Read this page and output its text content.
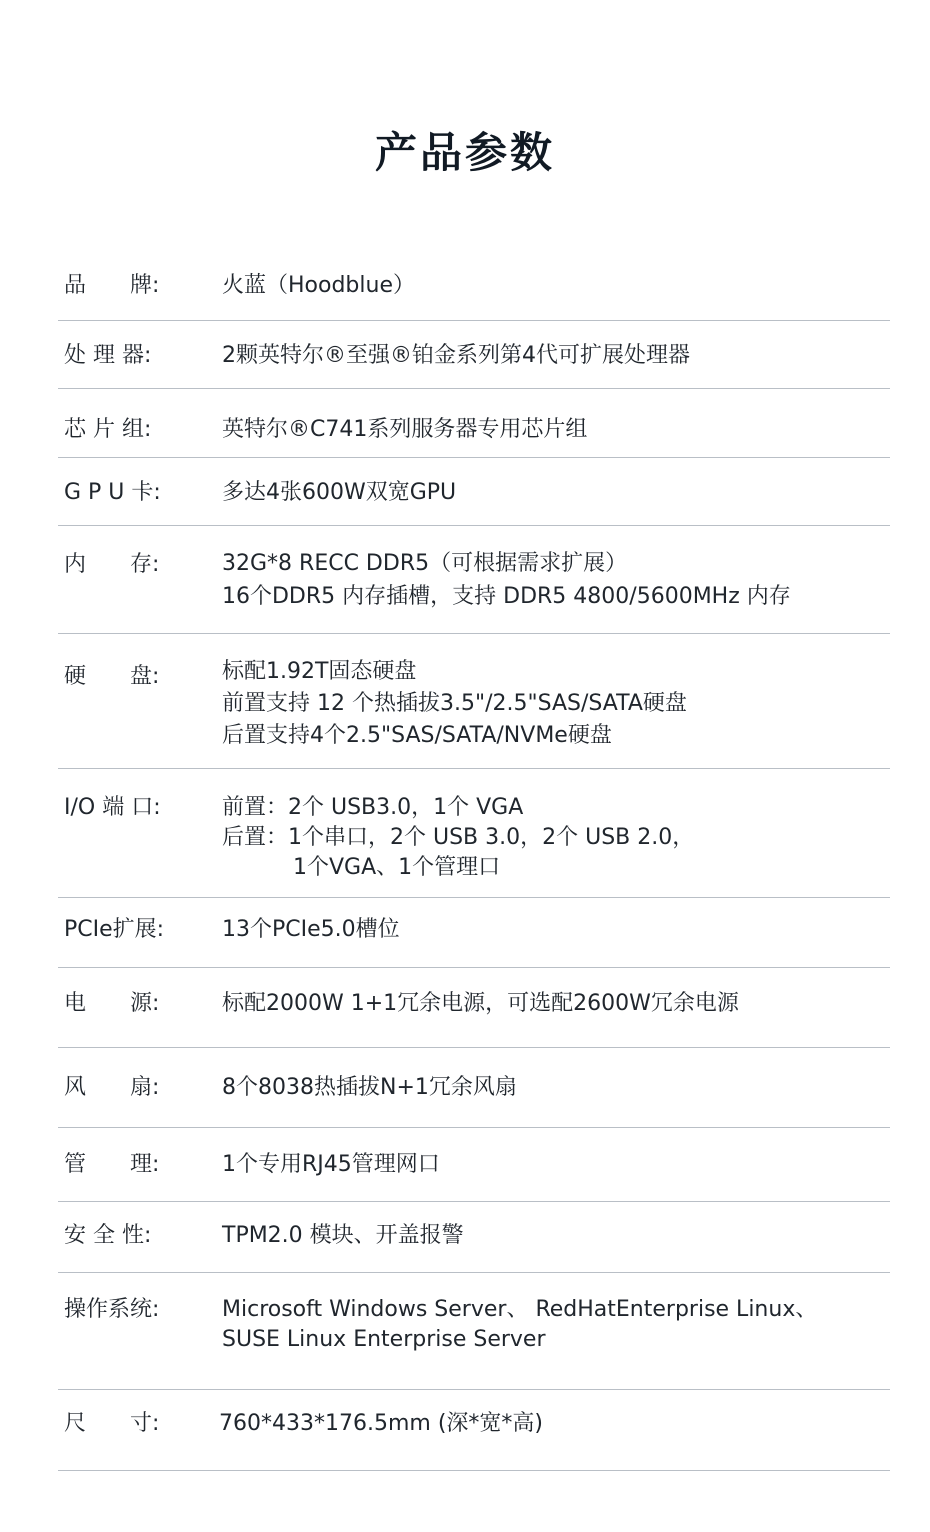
产品参数
品　　牌:	火蓝（Hoodblue）
处 理 器:	2颗英特尔®至强®铂金系列第4代可扩展处理器
芯 片 组:	英特尔®C741系列服务器专用芯片组
G P U 卡:	多达4张600W双宽GPU
内　　存:	32G*8 RECC DDR5（可根据需求扩展）
16个DDR5 内存插槽，支持 DDR5 4800/5600MHz 内存
硬　　盘:	标配1.92T固态硬盘
前置支持 12 个热插拔3.5"/2.5"SAS/SATA硬盘
后置支持4个2.5"SAS/SATA/NVMe硬盘
I/O 端 口:	前置：2个 USB3.0，1个 VGA
后置：1个串口，2个 USB 3.0，2个 USB 2.0，
1个VGA、1个管理口
PCIe扩展:	13个PCIe5.0槽位
电　　源:	标配2000W 1+1冗余电源，可选配2600W冗余电源
风　　扇:	8个8038热插拔N+1冗余风扇
管　　理:	1个专用RJ45管理网口
安 全 性:	TPM2.0 模块、开盖报警
操作系统:	Microsoft Windows Server、 RedHatEnterprise Linux、
SUSE Linux Enterprise Server
尺　　寸:	760*433*176.5mm (深*宽*高)
